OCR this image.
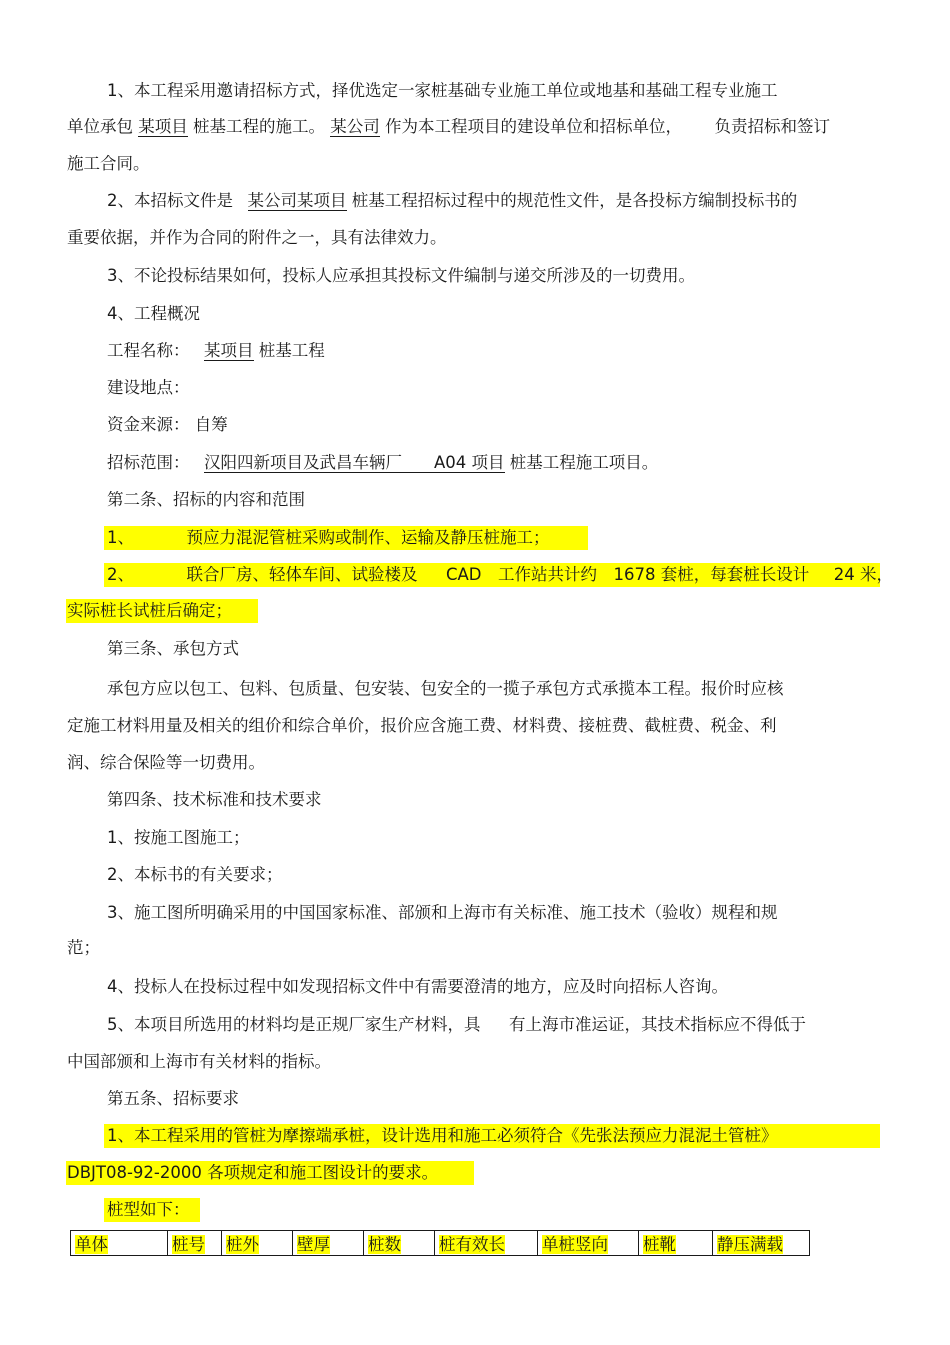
1、本工程采用邀请招标方式，择优选定一家桩基础专业施工单位或地基和基础工程专业施工
单位承包 某项目 桩基工程的施工。 某公司 作为本工程项目的建设单位和招标单位， 负责招标和签订
施工合同。
2、本招标文件是 某公司某项目 桩基工程招标过程中的规范性文件，是各投标方编制投标书的
重要依据，并作为合同的附件之一，具有法律效力。
3、不论投标结果如何，投标人应承担其投标文件编制与递交所涉及的一切费用。
4、工程概况
工程名称： 某项目 桩基工程
建设地点：
资金来源： 自筹
招标范围： 汉阳四新项目及武昌车辆厂 A04 项目 桩基工程施工项目。
第二条、招标的内容和范围
1、	预应力混泥管桩采购或制作、运输及静压桩施工；
2、	联合厂房、轻体车间、试验楼及 CAD 工作站共计约 1678 套桩，每套桩长设计 24 米，
实际桩长试桩后确定；
第三条、承包方式
承包方应以包工、包料、包质量、包安装、包安全的一揽子承包方式承揽本工程。报价时应核
定施工材料用量及相关的组价和综合单价，报价应含施工费、材料费、接桩费、截桩费、税金、利
润、综合保险等一切费用。
第四条、技术标准和技术要求
1、按施工图施工；
2、本标书的有关要求；
3、施工图所明确采用的中国国家标准、部颁和上海市有关标准、施工技术（验收）规程和规
范；
4、投标人在投标过程中如发现招标文件中有需要澄清的地方，应及时向招标人咨询。
5、本项目所选用的材料均是正规厂家生产材料，具 有上海市准运证，其技术指标应不得低于
中国部颁和上海市有关材料的指标。
第五条、招标要求
1、本工程采用的管桩为摩擦端承桩，设计选用和施工必须符合《先张法预应力混泥土管桩》
DBJT08-92-2000 各项规定和施工图设计的要求。
桩型如下：
单体	桩号	桩外	壁厚	桩数	桩有效长	单桩竖向	桩靴	静压满载
